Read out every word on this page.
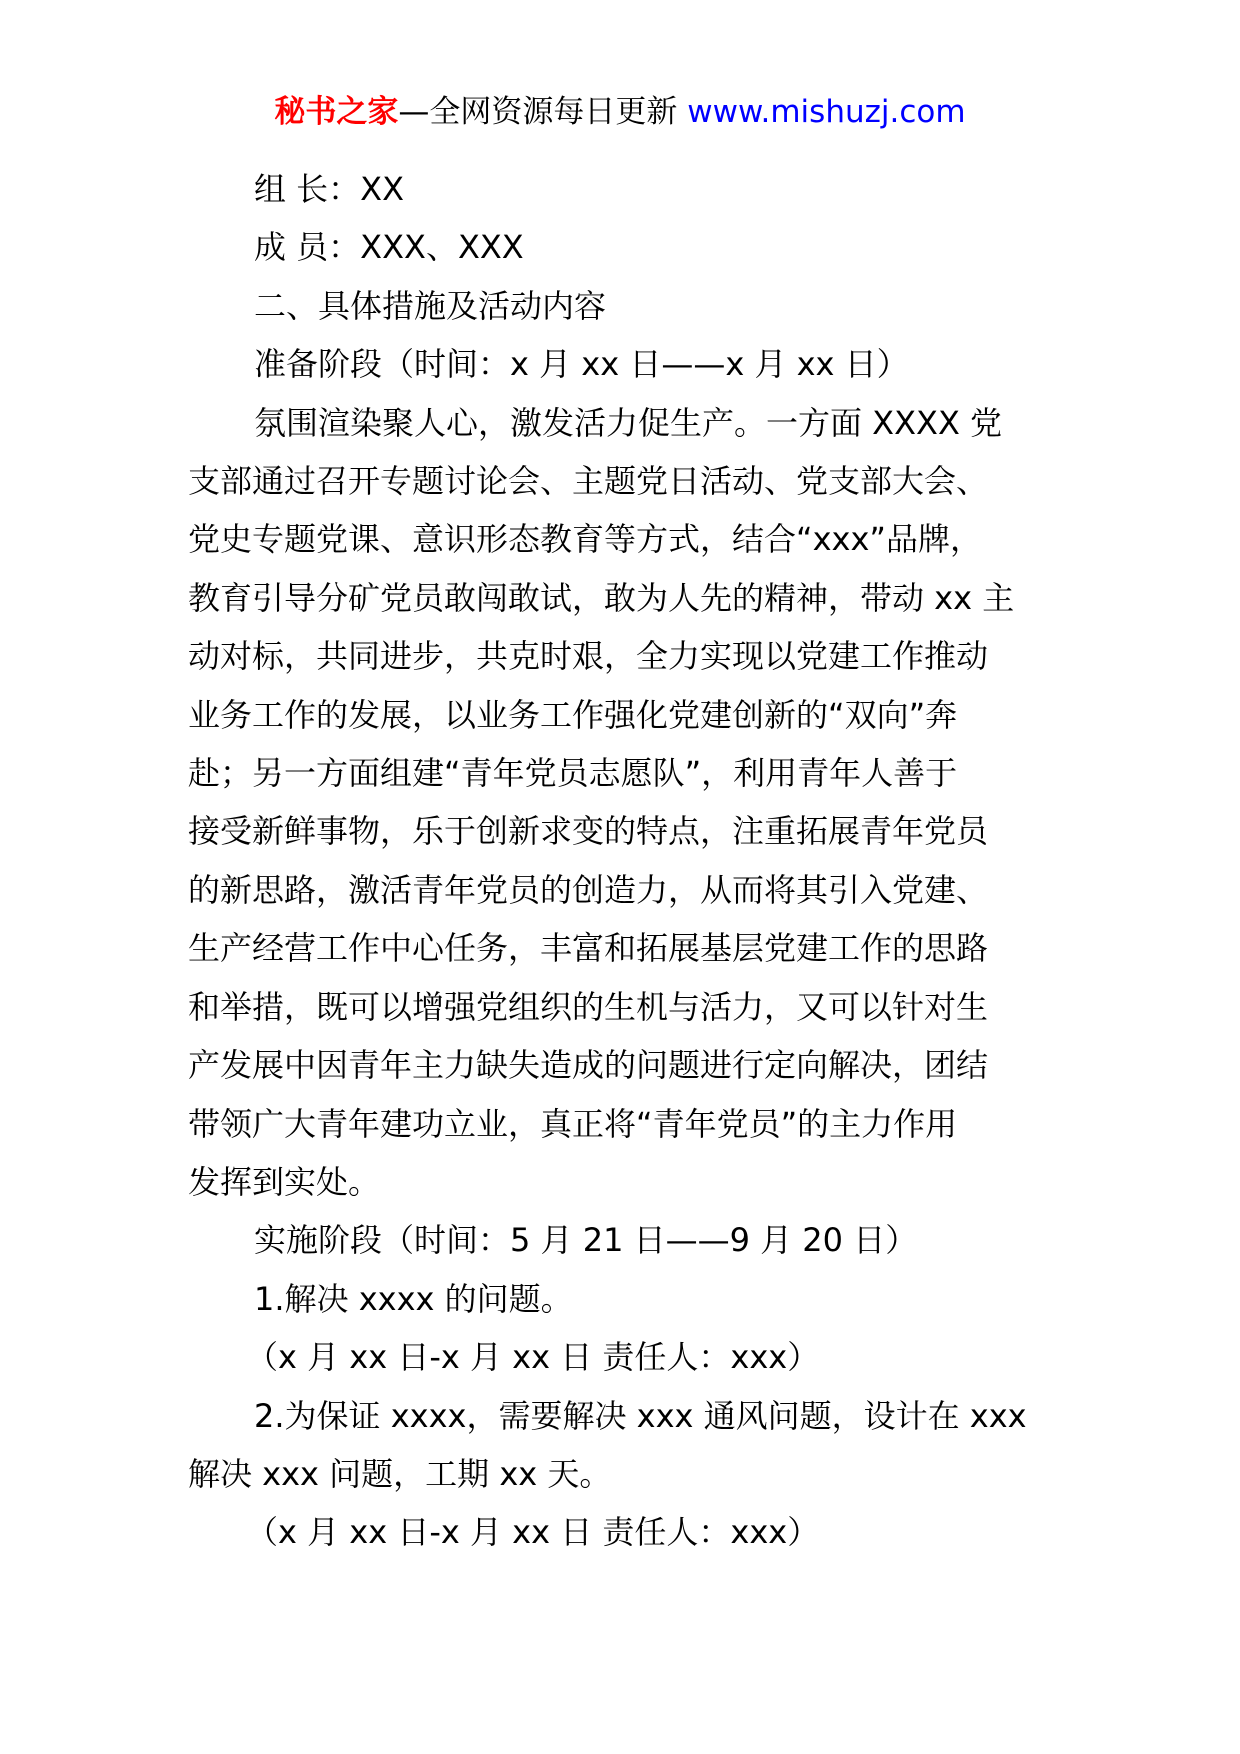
秘书之家—全网资源每日更新 www.mishuzj.com
组 长：XX
成 员：XXX、XXX
二、具体措施及活动内容
准备阶段（时间：x 月 xx 日——x 月 xx 日）
氛围渲染聚人心，激发活力促生产。一方面 XXXX 党
支部通过召开专题讨论会、主题党日活动、党支部大会、
党史专题党课、意识形态教育等方式，结合“xxx”品牌，
教育引导分矿党员敢闯敢试，敢为人先的精神，带动 xx 主
动对标，共同进步，共克时艰，全力实现以党建工作推动
业务工作的发展，以业务工作强化党建创新的“双向”奔
赴；另一方面组建“青年党员志愿队”，利用青年人善于
接受新鲜事物，乐于创新求变的特点，注重拓展青年党员
的新思路，激活青年党员的创造力，从而将其引入党建、
生产经营工作中心任务，丰富和拓展基层党建工作的思路
和举措，既可以增强党组织的生机与活力，又可以针对生
产发展中因青年主力缺失造成的问题进行定向解决，团结
带领广大青年建功立业，真正将“青年党员”的主力作用
发挥到实处。
实施阶段（时间：5 月 21 日——9 月 20 日）
1.解决 xxxx 的问题。
（x 月 xx 日-x 月 xx 日 责任人：xxx）
2.为保证 xxxx，需要解决 xxx 通风问题，设计在 xxx
解决 xxx 问题，工期 xx 天。
（x 月 xx 日-x 月 xx 日 责任人：xxx）
